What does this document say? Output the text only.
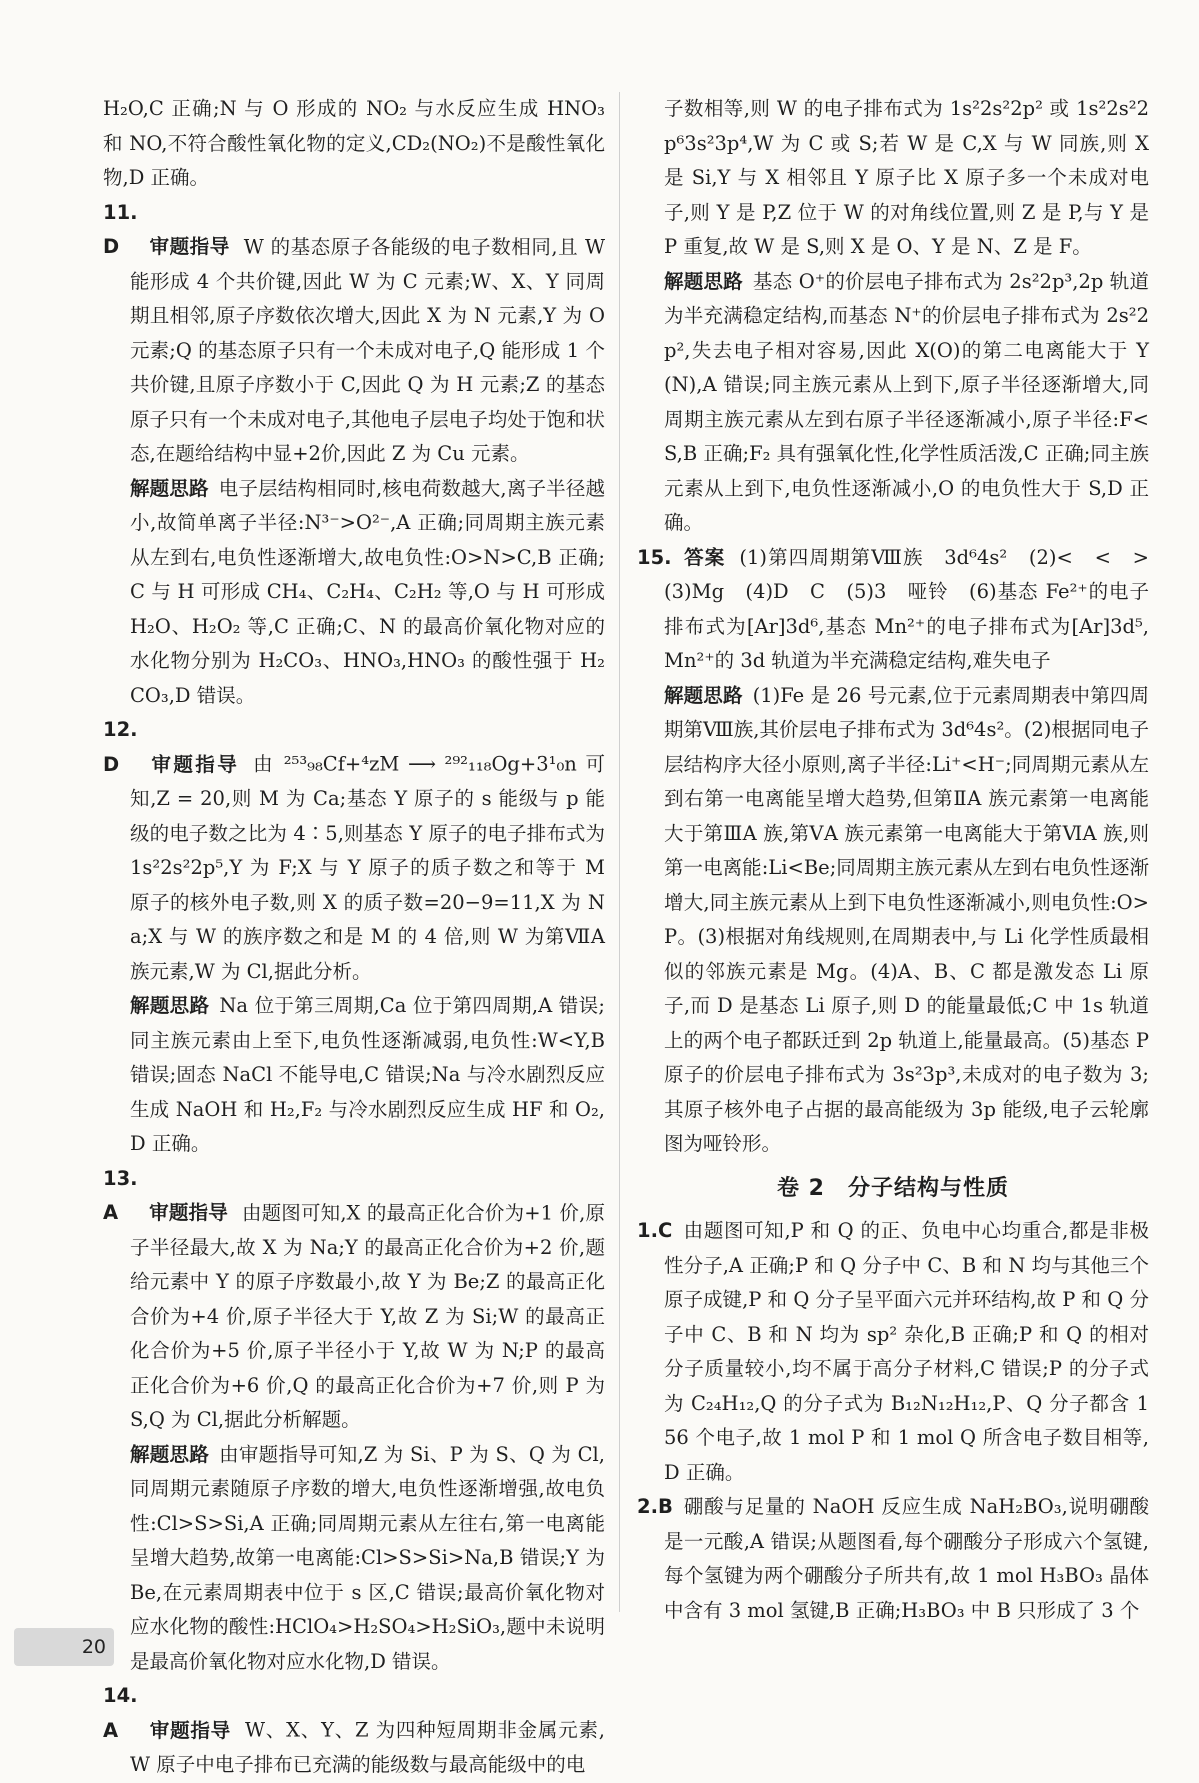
H₂O,C 正确;N 与 O 形成的 NO₂ 与水反应生成 HNO₃ 和 NO,不符合酸性氧化物的定义,CD₂(NO₂)不是酸性氧化物,D 正确。

11.D 审题指导 W 的基态原子各能级的电子数相同,且 W 能形成 4 个共价键,因此 W 为 C 元素;W、X、Y 同周期且相邻,原子序数依次增大,因此 X 为 N 元素,Y 为 O 元素;Q 的基态原子只有一个未成对电子,Q 能形成 1 个共价键,且原子序数小于 C,因此 Q 为 H 元素;Z 的基态原子只有一个未成对电子,其他电子层电子均处于饱和状态,在题给结构中显+2价,因此 Z 为 Cu 元素。

解题思路 电子层结构相同时,核电荷数越大,离子半径越小,故简单离子半径:N³⁻>O²⁻,A 正确;同周期主族元素从左到右,电负性逐渐增大,故电负性:O>N>C,B 正确;C 与 H 可形成 CH₄、C₂H₄、C₂H₂ 等,O 与 H 可形成 H₂O、H₂O₂ 等,C 正确;C、N 的最高价氧化物对应的水化物分别为 H₂CO₃、HNO₃,HNO₃ 的酸性强于 H₂CO₃,D 错误。

12.D 审题指导 由 ²⁵³₉₈Cf+⁴zM ⟶ ²⁹²₁₁₈Og+3¹₀n 可知,Z = 20,则 M 为 Ca;基态 Y 原子的 s 能级与 p 能级的电子数之比为 4∶5,则基态 Y 原子的电子排布式为 1s²2s²2p⁵,Y 为 F;X 与 Y 原子的质子数之和等于 M 原子的核外电子数,则 X 的质子数=20−9=11,X 为 Na;X 与 W 的族序数之和是 M 的 4 倍,则 W 为第ⅦA 族元素,W 为 Cl,据此分析。

解题思路 Na 位于第三周期,Ca 位于第四周期,A 错误;同主族元素由上至下,电负性逐渐减弱,电负性:W<Y,B 错误;固态 NaCl 不能导电,C 错误;Na 与冷水剧烈反应生成 NaOH 和 H₂,F₂ 与冷水剧烈反应生成 HF 和 O₂,D 正确。

13.A 审题指导 由题图可知,X 的最高正化合价为+1 价,原子半径最大,故 X 为 Na;Y 的最高正化合价为+2 价,题给元素中 Y 的原子序数最小,故 Y 为 Be;Z 的最高正化合价为+4 价,原子半径大于 Y,故 Z 为 Si;W 的最高正化合价为+5 价,原子半径小于 Y,故 W 为 N;P 的最高正化合价为+6 价,Q 的最高正化合价为+7 价,则 P 为 S,Q 为 Cl,据此分析解题。

解题思路 由审题指导可知,Z 为 Si、P 为 S、Q 为 Cl,同周期元素随原子序数的增大,电负性逐渐增强,故电负性:Cl>S>Si,A 正确;同周期元素从左往右,第一电离能呈增大趋势,故第一电离能:Cl>S>Si>Na,B 错误;Y 为 Be,在元素周期表中位于 s 区,C 错误;最高价氧化物对应水化物的酸性:HClO₄>H₂SO₄>H₂SiO₃,题中未说明是最高价氧化物对应水化物,D 错误。

14.A 审题指导 W、X、Y、Z 为四种短周期非金属元素,W 原子中电子排布已充满的能级数与最高能级中的电

子数相等,则 W 的电子排布式为 1s²2s²2p² 或 1s²2s²2p⁶3s²3p⁴,W 为 C 或 S;若 W 是 C,X 与 W 同族,则 X 是 Si,Y 与 X 相邻且 Y 原子比 X 原子多一个未成对电子,则 Y 是 P,Z 位于 W 的对角线位置,则 Z 是 P,与 Y 是 P 重复,故 W 是 S,则 X 是 O、Y 是 N、Z 是 F。

解题思路 基态 O⁺的价层电子排布式为 2s²2p³,2p 轨道为半充满稳定结构,而基态 N⁺的价层电子排布式为 2s²2p²,失去电子相对容易,因此 X(O)的第二电离能大于 Y(N),A 错误;同主族元素从上到下,原子半径逐渐增大,同周期主族元素从左到右原子半径逐渐减小,原子半径:F<S,B 正确;F₂ 具有强氧化性,化学性质活泼,C 正确;同主族元素从上到下,电负性逐渐减小,O 的电负性大于 S,D 正确。

15. 答案 (1)第四周期第Ⅷ族　3d⁶4s²　(2)<　<　>　(3)Mg　(4)D　C　(5)3　哑铃　(6)基态 Fe²⁺的电子排布式为[Ar]3d⁶,基态 Mn²⁺的电子排布式为[Ar]3d⁵,Mn²⁺的 3d 轨道为半充满稳定结构,难失电子

解题思路 (1)Fe 是 26 号元素,位于元素周期表中第四周期第Ⅷ族,其价层电子排布式为 3d⁶4s²。(2)根据同电子层结构序大径小原则,离子半径:Li⁺<H⁻;同周期元素从左到右第一电离能呈增大趋势,但第ⅡA 族元素第一电离能大于第ⅢA 族,第ⅤA 族元素第一电离能大于第ⅥA 族,则第一电离能:Li<Be;同周期主族元素从左到右电负性逐渐增大,同主族元素从上到下电负性逐渐减小,则电负性:O>P。(3)根据对角线规则,在周期表中,与 Li 化学性质最相似的邻族元素是 Mg。(4)A、B、C 都是激发态 Li 原子,而 D 是基态 Li 原子,则 D 的能量最低;C 中 1s 轨道上的两个电子都跃迁到 2p 轨道上,能量最高。(5)基态 P 原子的价层电子排布式为 3s²3p³,未成对的电子数为 3;其原子核外电子占据的最高能级为 3p 能级,电子云轮廓图为哑铃形。

卷 2　分子结构与性质

1.C 由题图可知,P 和 Q 的正、负电中心均重合,都是非极性分子,A 正确;P 和 Q 分子中 C、B 和 N 均与其他三个原子成键,P 和 Q 分子呈平面六元并环结构,故 P 和 Q 分子中 C、B 和 N 均为 sp² 杂化,B 正确;P 和 Q 的相对分子质量较小,均不属于高分子材料,C 错误;P 的分子式为 C₂₄H₁₂,Q 的分子式为 B₁₂N₁₂H₁₂,P、Q 分子都含 156 个电子,故 1 mol P 和 1 mol Q 所含电子数目相等,D 正确。

2.B 硼酸与足量的 NaOH 反应生成 NaH₂BO₃,说明硼酸是一元酸,A 错误;从题图看,每个硼酸分子形成六个氢键,每个氢键为两个硼酸分子所共有,故 1 mol H₃BO₃ 晶体中含有 3 mol 氢键,B 正确;H₃BO₃ 中 B 只形成了 3 个

20
